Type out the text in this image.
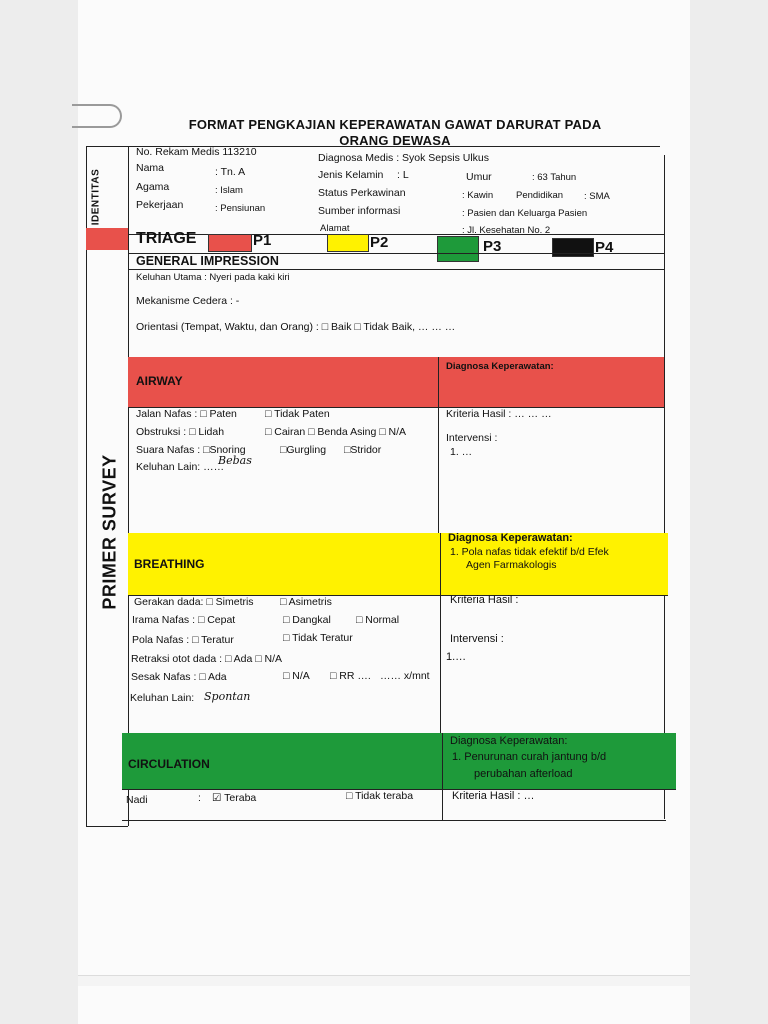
FORMAT PENGKAJIAN KEPERAWATAN GAWAT DARURAT PADA
ORANG DEWASA
IDENTITAS
PRIMER SURVEY
No. Rekam Medis 113210	Diagnosa Medis : Syok Sepsis Ulkus
Nama	: Tn. A	Jenis Kelamin : L	Umur	: 63 Tahun
Agama	: Islam	Status Perkawinan	: Kawin Pendidikan : SMA
Pekerjaan	: Pensiunan	Sumber informasi	: Pasien dan Keluarga Pasien
Alamat	: Jl. Kesehatan No. 2
TRIAGE	P1	P2	P3	P4
GENERAL IMPRESSION
Keluhan Utama : Nyeri pada kaki kiri
Mekanisme Cedera : -
Orientasi (Tempat, Waktu, dan Orang) : □ Baik □ Tidak Baik, … … …
AIRWAY
Diagnosa Keperawatan:
Jalan Nafas : □ Paten	□ Tidak Paten
Obstruksi : □ Lidah	□ Cairan □ Benda Asing □ N/A
Suara Nafas : □Snoring	□Gurgling □Stridor
Keluhan Lain: ……
Bebas
Kriteria Hasil : … … …
Intervensi :
1. …
BREATHING
Diagnosa Keperawatan:
1. Pola nafas tidak efektif b/d Efek
Agen Farmakologis
Gerakan dada: □ Simetris	□ Asimetris
Irama Nafas : □ Cepat	□ Dangkal □ Normal
Pola Nafas : □ Teratur	□ Tidak Teratur
Retraksi otot dada : □ Ada □ N/A
Sesak Nafas : □ Ada	□ N/A □ RR …. …… x/mnt
Keluhan Lain: Spontan
Kriteria Hasil :
Intervensi :
1.…
CIRCULATION
Diagnosa Keperawatan:
1. Penurunan curah jantung b/d
perubahan afterload
Nadi	: ☑ Teraba	□ Tidak teraba	Kriteria Hasil : …
